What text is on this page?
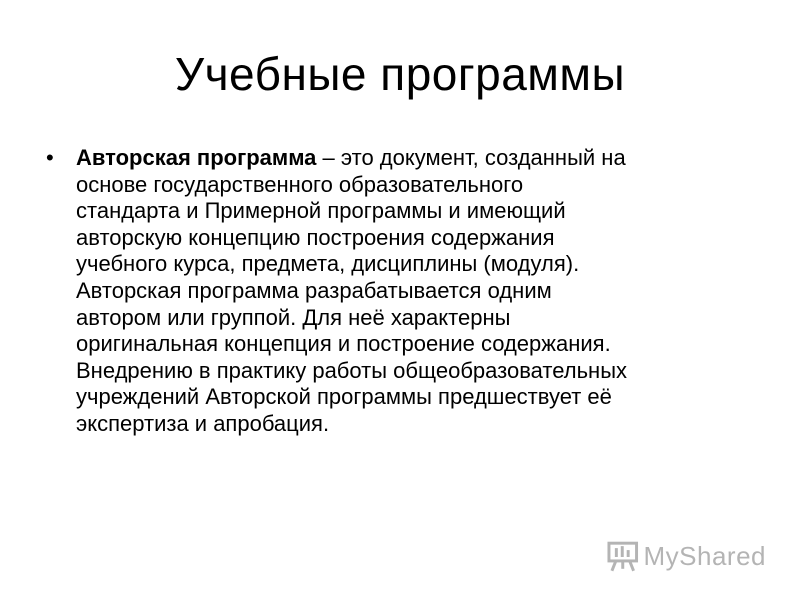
Учебные программы
• Авторская программа – это документ, созданный на
основе государственного образовательного
стандарта и Примерной программы и имеющий
авторскую концепцию построения содержания
учебного курса, предмета, дисциплины (модуля).
Авторская программа разрабатывается одним
автором или группой. Для неё характерны
оригинальная концепция и построение содержания.
Внедрению в практику работы общеобразовательных
учреждений Авторской программы предшествует её
экспертиза и апробация.
MyShared
